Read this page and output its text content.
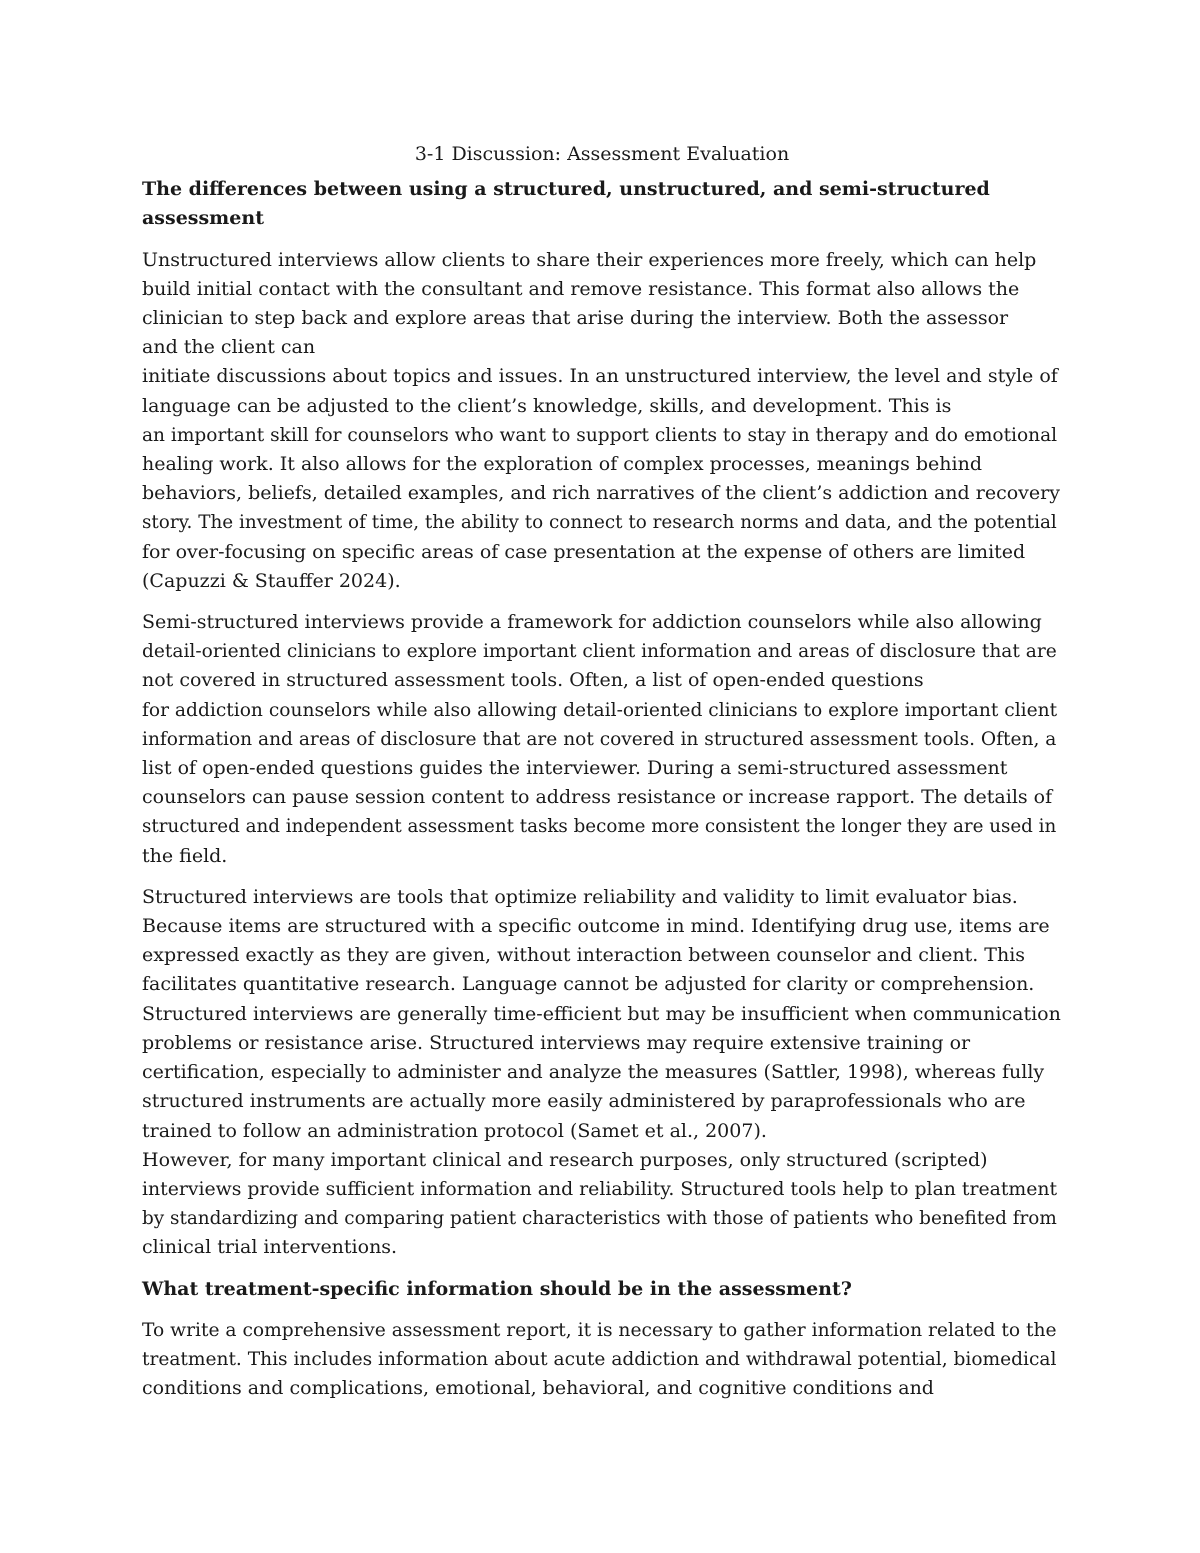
3-1 Discussion: Assessment Evaluation
The differences between using a structured, unstructured, and semi-structured assessment
Unstructured interviews allow clients to share their experiences more freely, which can help
build initial contact with the consultant and remove resistance. This format also allows the
clinician to step back and explore areas that arise during the interview. Both the assessor
and the client can
initiate discussions about topics and issues. In an unstructured interview, the level and style of
language can be adjusted to the client’s knowledge, skills, and development. This is
an important skill for counselors who want to support clients to stay in therapy and do emotional
healing work. It also allows for the exploration of complex processes, meanings behind
behaviors, beliefs, detailed examples, and rich narratives of the client’s addiction and recovery
story. The investment of time, the ability to connect to research norms and data, and the potential
for over-focusing on specific areas of case presentation at the expense of others are limited
(Capuzzi & Stauffer 2024).
Semi-structured interviews provide a framework for addiction counselors while also allowing
detail-oriented clinicians to explore important client information and areas of disclosure that are
not covered in structured assessment tools. Often, a list of open-ended questions
for addiction counselors while also allowing detail-oriented clinicians to explore important client
information and areas of disclosure that are not covered in structured assessment tools. Often, a
list of open-ended questions guides the interviewer. During a semi-structured assessment
counselors can pause session content to address resistance or increase rapport. The details of
structured and independent assessment tasks become more consistent the longer they are used in
the field.
Structured interviews are tools that optimize reliability and validity to limit evaluator bias.
Because items are structured with a specific outcome in mind. Identifying drug use, items are
expressed exactly as they are given, without interaction between counselor and client. This
facilitates quantitative research. Language cannot be adjusted for clarity or comprehension.
Structured interviews are generally time-efficient but may be insufficient when communication
problems or resistance arise. Structured interviews may require extensive training or
certification, especially to administer and analyze the measures (Sattler, 1998), whereas fully
structured instruments are actually more easily administered by paraprofessionals who are
trained to follow an administration protocol (Samet et al., 2007).
However, for many important clinical and research purposes, only structured (scripted)
interviews provide sufficient information and reliability. Structured tools help to plan treatment
by standardizing and comparing patient characteristics with those of patients who benefited from
clinical trial interventions.
What treatment-specific information should be in the assessment?
To write a comprehensive assessment report, it is necessary to gather information related to the
treatment. This includes information about acute addiction and withdrawal potential, biomedical
conditions and complications, emotional, behavioral, and cognitive conditions and
